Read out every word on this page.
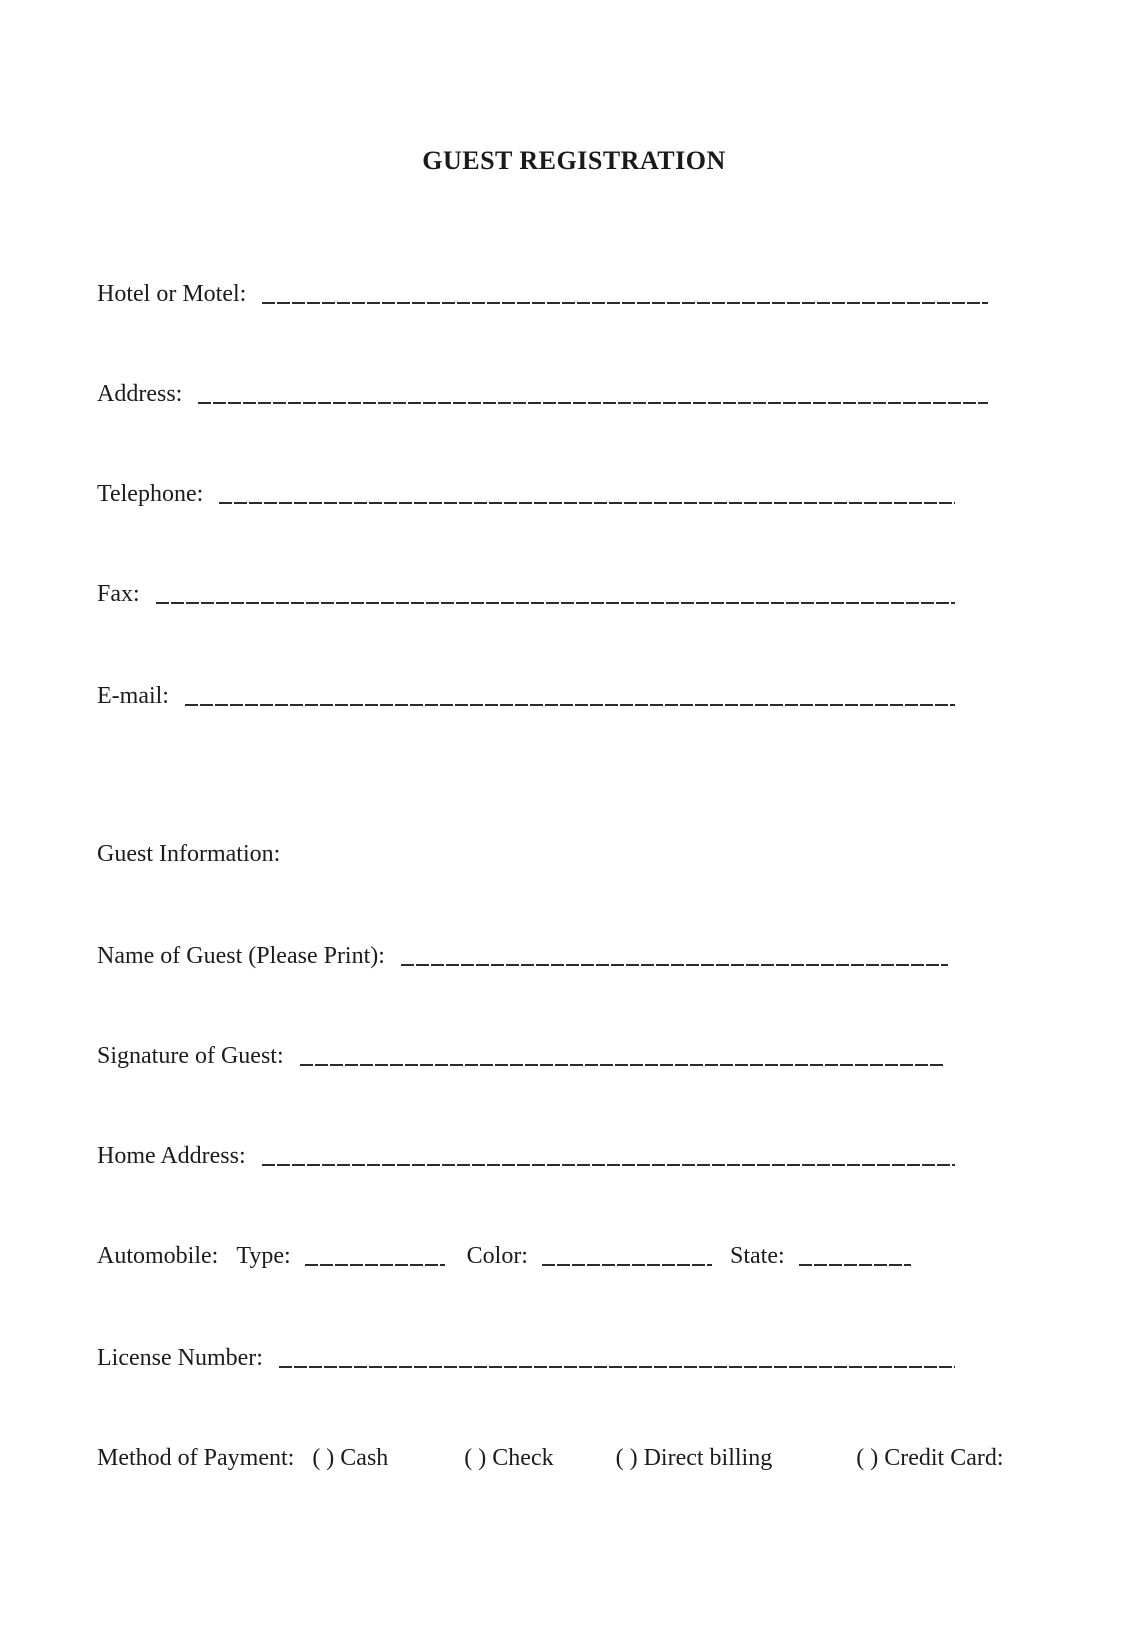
GUEST REGISTRATION
Hotel or Motel:
Address:
Telephone:
Fax:
E-mail:
Guest Information:
Name of Guest (Please Print):
Signature of Guest:
Home Address:
Automobile: Type:	Color:	State:
License Number:
Method of Payment: ( ) Cash	( ) Check	( ) Direct billing	( ) Credit Card:
